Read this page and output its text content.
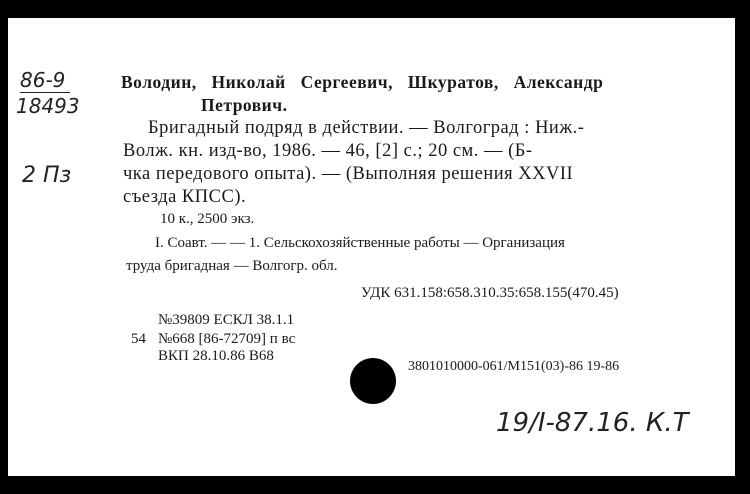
86-9
18493
2 Пз
Володин, Николай Сергеевич, Шкуратов, Александр
Петрович.
Бригадный подряд в действии. — Волгоград : Ниж.-
Волж. кн. изд-во, 1986. — 46, [2] с.; 20 см. — (Б-
чка передового опыта). — (Выполняя решения XXVII
съезда КПСС).
10 к., 2500 экз.
I. Соавт. — — 1. Сельскохозяйственные работы — Организация
труда бригадная — Волгогр. обл.
УДК 631.158:658.310.35:658.155(470.45)
№39809 ЕСКЛ 38.1.1
54 №668 [86-72709] п вс
ВКП 28.10.86 В68
3801010000-061/М151(03)-86 19-86
19/I-87.16. К.Т
